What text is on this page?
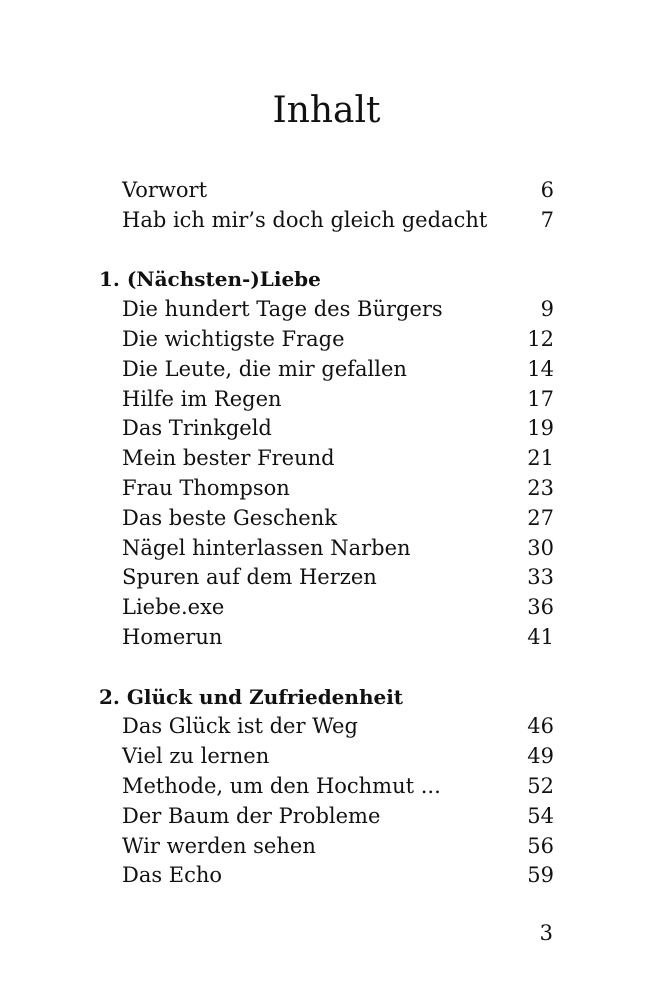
Inhalt
Vorwort	6
Hab ich mir’s doch gleich gedacht	7
1. (Nächsten-)Liebe
Die hundert Tage des Bürgers	9
Die wichtigste Frage	12
Die Leute, die mir gefallen	14
Hilfe im Regen	17
Das Trinkgeld	19
Mein bester Freund	21
Frau Thompson	23
Das beste Geschenk	27
Nägel hinterlassen Narben	30
Spuren auf dem Herzen	33
Liebe.exe	36
Homerun	41
2. Glück und Zufriedenheit
Das Glück ist der Weg	46
Viel zu lernen	49
Methode, um den Hochmut ...	52
Der Baum der Probleme	54
Wir werden sehen	56
Das Echo	59
3
